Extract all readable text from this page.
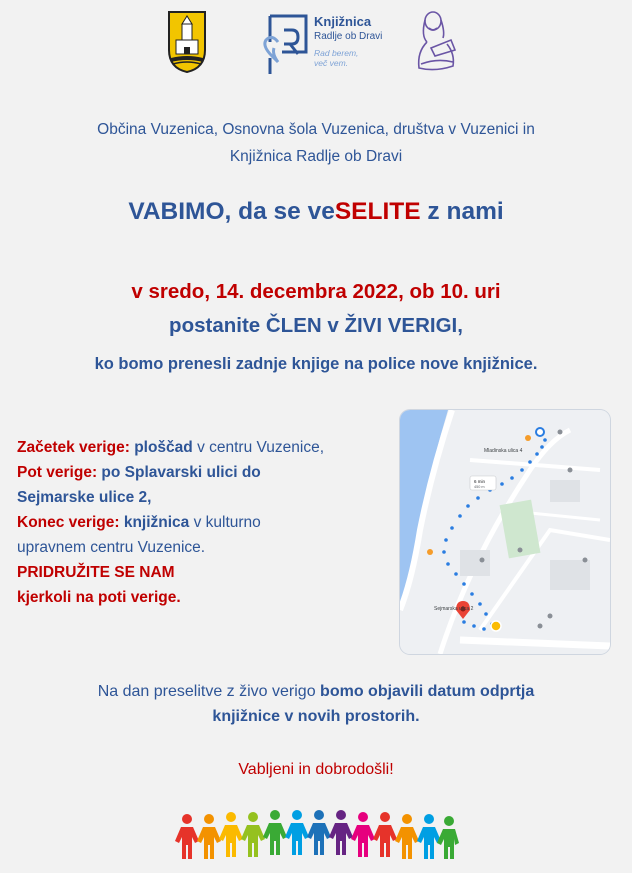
Knjižnica
Radlje ob Dravi
Rad berem,
več vem.
Občina Vuzenica, Osnovna šola Vuzenica, društva v Vuzenici in
Knjižnica Radlje ob Dravi
VABIMO, da se veSELITE z nami
v sredo, 14. decembra 2022, ob 10. uri
postanite ČLEN v ŽIVI VERIGI,
ko bomo prenesli zadnje knjige na police nove knjižnice.
Začetek verige: ploščad v centru Vuzenice,
Pot verige: po Splavarski ulici do
Sejmarske ulice 2,
Konec verige: knjižnica v kulturno
upravnem centru Vuzenice.
PRIDRUŽITE SE NAM
kjerkoli na poti verige.
Mladinska ulica 4
Sejmarska ulica 2
6 min
450 m
Na dan preselitve z živo verigo bomo objavili datum odprtja
knjižnice v novih prostorih.
Vabljeni in dobrodošli!
